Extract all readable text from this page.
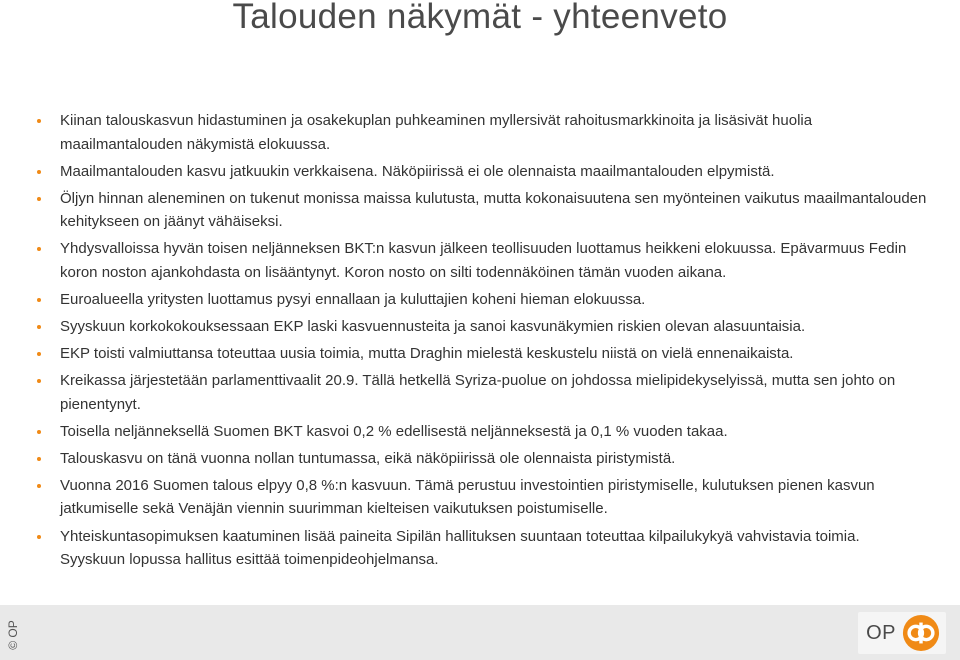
Talouden näkymät - yhteenveto
Kiinan talouskasvun hidastuminen ja osakekuplan puhkeaminen myllersivät rahoitusmarkkinoita ja lisäsivät huolia maailmantalouden näkymistä elokuussa.
Maailmantalouden kasvu jatkuukin verkkaisena. Näköpiirissä ei ole olennaista maailmantalouden elpymistä.
Öljyn hinnan aleneminen on tukenut monissa maissa kulutusta, mutta kokonaisuutena sen myönteinen vaikutus maailmantalouden kehitykseen on jäänyt vähäiseksi.
Yhdysvalloissa hyvän toisen neljänneksen BKT:n kasvun jälkeen teollisuuden luottamus heikkeni elokuussa. Epävarmuus Fedin koron noston ajankohdasta on lisääntynyt. Koron nosto on silti todennäköinen tämän vuoden aikana.
Euroalueella yritysten luottamus pysyi ennallaan ja kuluttajien koheni hieman elokuussa.
Syyskuun korkokokouksessaan EKP laski kasvuennusteita ja sanoi kasvunäkymien riskien olevan alasuuntaisia.
EKP toisti valmiuttansa toteuttaa uusia toimia, mutta Draghin mielestä keskustelu niistä on vielä ennenaikaista.
Kreikassa järjestetään parlamenttivaalit 20.9. Tällä hetkellä Syriza-puolue on johdossa mielipidekyselyissä, mutta sen johto on pienentynyt.
Toisella neljänneksellä Suomen BKT kasvoi 0,2 % edellisestä neljänneksestä ja 0,1 % vuoden takaa.
Talouskasvu on tänä vuonna nollan tuntumassa, eikä näköpiirissä ole olennaista piristymistä.
Vuonna 2016 Suomen talous elpyy 0,8 %:n kasvuun. Tämä perustuu investointien piristymiselle, kulutuksen pienen kasvun jatkumiselle sekä Venäjän viennin suurimman kielteisen vaikutuksen poistumiselle.
Yhteiskuntasopimuksen kaatuminen lisää paineita Sipilän hallituksen suuntaan toteuttaa kilpailukykyä vahvistavia toimia. Syyskuun lopussa hallitus esittää toimenpideohjelmansa.
© OP	OP
